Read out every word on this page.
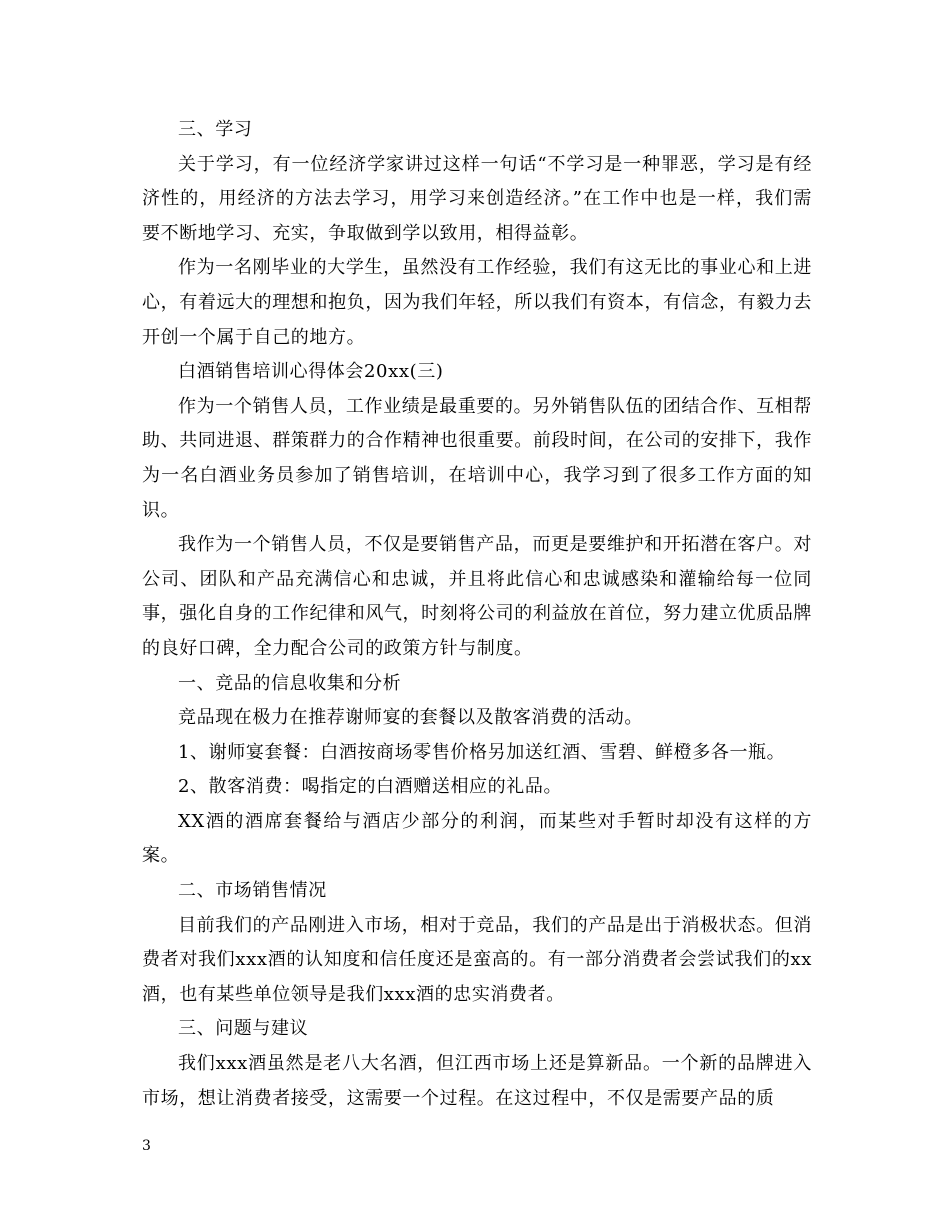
三、学习

关于学习，有一位经济学家讲过这样一句话“不学习是一种罪恶，学习是有经济性的，用经济的方法去学习，用学习来创造经济。”在工作中也是一样，我们需要不断地学习、充实，争取做到学以致用，相得益彰。

作为一名刚毕业的大学生，虽然没有工作经验，我们有这无比的事业心和上进心，有着远大的理想和抱负，因为我们年轻，所以我们有资本，有信念，有毅力去开创一个属于自己的地方。

白酒销售培训心得体会20xx(三)

作为一个销售人员，工作业绩是最重要的。另外销售队伍的团结合作、互相帮助、共同进退、群策群力的合作精神也很重要。前段时间，在公司的安排下，我作为一名白酒业务员参加了销售培训，在培训中心，我学习到了很多工作方面的知识。

我作为一个销售人员，不仅是要销售产品，而更是要维护和开拓潜在客户。对公司、团队和产品充满信心和忠诚，并且将此信心和忠诚感染和灌输给每一位同事，强化自身的工作纪律和风气，时刻将公司的利益放在首位，努力建立优质品牌的良好口碑，全力配合公司的政策方针与制度。

一、竞品的信息收集和分析

竞品现在极力在推荐谢师宴的套餐以及散客消费的活动。

1、谢师宴套餐：白酒按商场零售价格另加送红酒、雪碧、鲜橙多各一瓶。

2、散客消费：喝指定的白酒赠送相应的礼品。

XX酒的酒席套餐给与酒店少部分的利润，而某些对手暂时却没有这样的方案。

二、市场销售情况

目前我们的产品刚进入市场，相对于竞品，我们的产品是出于消极状态。但消费者对我们xxx酒的认知度和信任度还是蛮高的。有一部分消费者会尝试我们的xx酒，也有某些单位领导是我们xxx酒的忠实消费者。

三、问题与建议

我们xxx酒虽然是老八大名酒，但江西市场上还是算新品。一个新的品牌进入市场，想让消费者接受，这需要一个过程。在这过程中，不仅是需要产品的质

3
